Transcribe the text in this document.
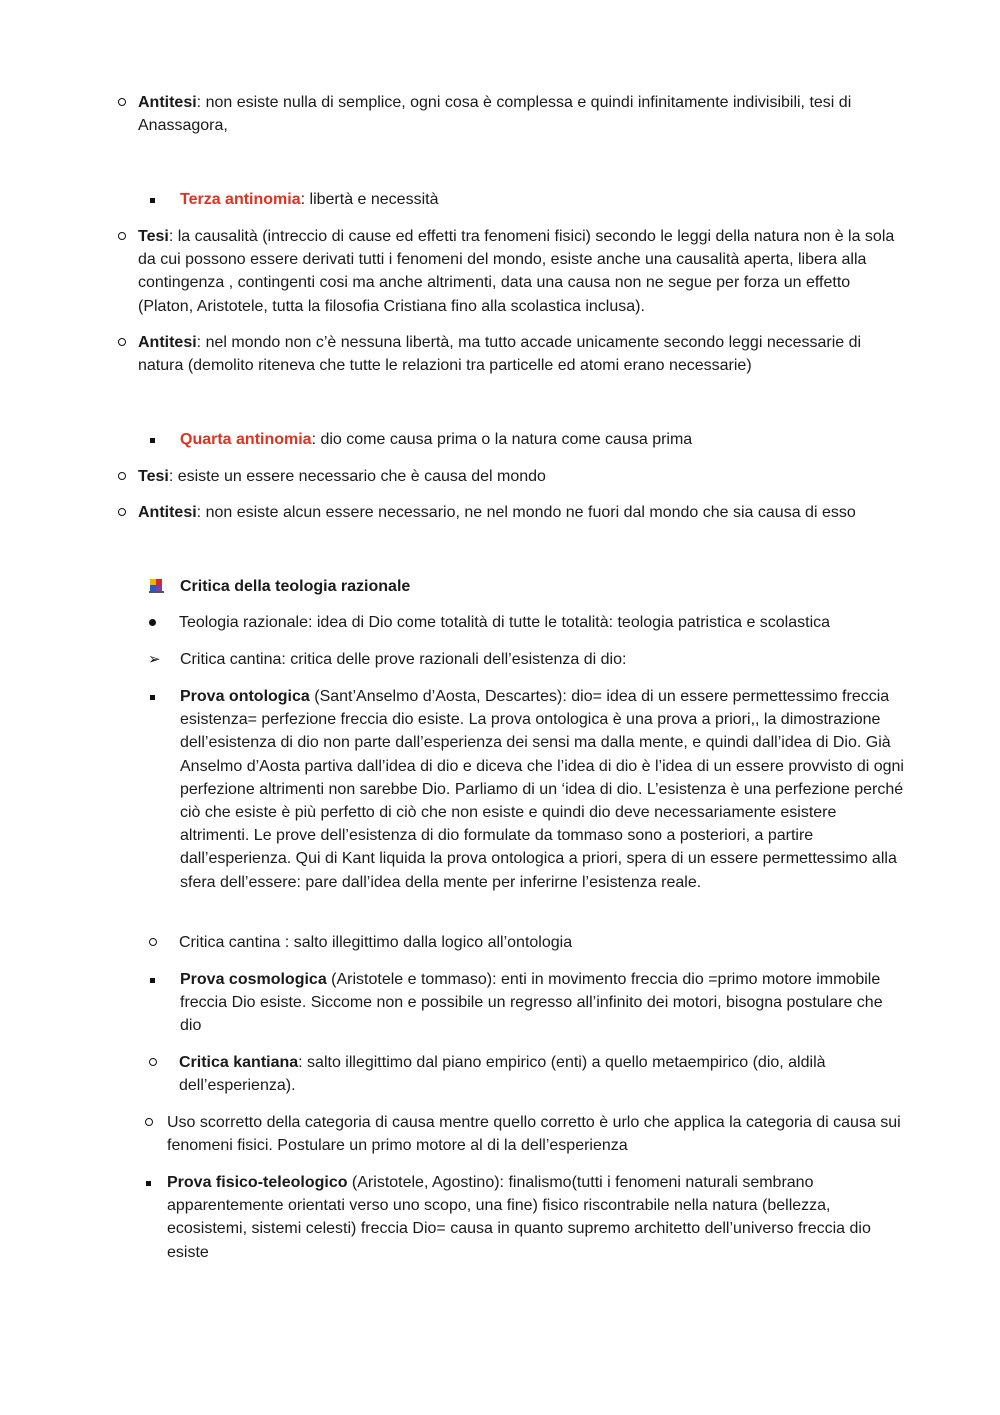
Antitesi: non esiste nulla di semplice, ogni cosa è complessa e quindi infinitamente indivisibili, tesi di Anassagora,
Terza antinomia: libertà e necessità
Tesi: la causalità (intreccio di cause ed effetti tra fenomeni fisici) secondo le leggi della natura non è la sola da cui possono essere derivati tutti i fenomeni del mondo, esiste anche una causalità aperta, libera alla contingenza , contingenti cosi ma anche altrimenti, data una causa non ne segue per forza un effetto (Platon, Aristotele, tutta la filosofia Cristiana fino alla scolastica inclusa).
Antitesi: nel mondo non c’è nessuna libertà, ma tutto accade unicamente secondo leggi necessarie di natura (demolito riteneva che tutte le relazioni tra particelle ed atomi erano necessarie)
Quarta antinomia: dio come causa prima o la natura come causa prima
Tesi: esiste un essere necessario che è causa del mondo
Antitesi: non esiste alcun essere necessario, ne nel mondo ne fuori dal mondo che sia causa di esso
Critica della teologia razionale
Teologia razionale: idea di Dio come totalità di tutte le totalità: teologia patristica e scolastica
➢ Critica cantina: critica delle prove razionali dell’esistenza di dio:
Prova ontologica (Sant’Anselmo d’Aosta, Descartes): dio= idea di un essere permettessimo freccia esistenza= perfezione freccia dio esiste. La prova ontologica è una prova a priori,, la dimostrazione dell’esistenza di dio non parte dall’esperienza dei sensi ma dalla mente, e quindi dall’idea di Dio. Già Anselmo d’Aosta partiva dall’idea di dio e diceva che l’idea di dio è l’idea di un essere provvisto di ogni perfezione altrimenti non sarebbe Dio. Parliamo di un ‘idea di dio. L’esistenza è una perfezione perché ciò che esiste è più perfetto di ciò che non esiste e quindi dio deve necessariamente esistere altrimenti. Le prove dell’esistenza di dio formulate da tommaso sono a posteriori, a partire dall’esperienza. Qui di Kant liquida la prova ontologica a priori, spera di un essere permettessimo alla sfera dell’essere: pare dall’idea della mente per inferirne l’esistenza reale.
Critica cantina : salto illegittimo dalla logico all’ontologia
Prova cosmologica (Aristotele e tommaso): enti in movimento freccia dio =primo motore immobile freccia Dio esiste. Siccome non e possibile un regresso all’infinito dei motori, bisogna postulare che dio
Critica kantiana: salto illegittimo dal piano empirico (enti) a quello metaempirico (dio, aldilà dell’esperienza).
Uso scorretto della categoria di causa mentre quello corretto è urlo che applica la categoria di causa sui fenomeni fisici. Postulare un primo motore al di la dell’esperienza
Prova fisico-teleologico (Aristotele, Agostino): finalismo(tutti i fenomeni naturali sembrano apparentemente orientati verso uno scopo, una fine) fisico riscontrabile nella natura (bellezza, ecosistemi, sistemi celesti) freccia Dio= causa in quanto supremo architetto dell’universo freccia dio esiste
